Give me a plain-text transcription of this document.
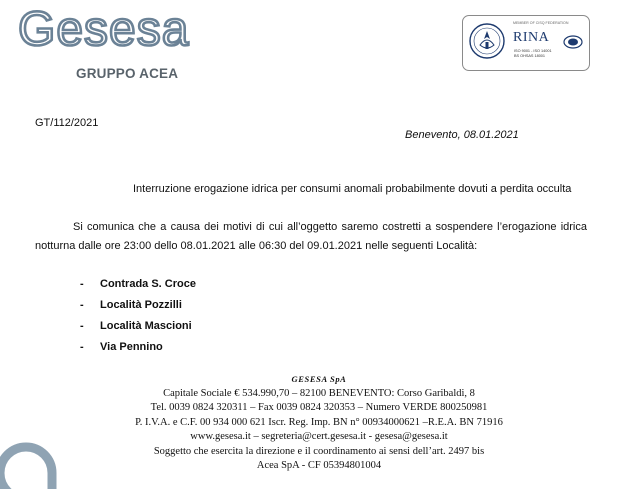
Gesesa
GRUPPO ACEA
MEMBER OF CISQ FEDERATION
RINA
ISO 9001 - ISO 14001
BS OHSAS 18001
GT/112/2021
Benevento, 08.01.2021
Interruzione erogazione idrica per consumi anomali probabilmente dovuti a perdita occulta
Si comunica che a causa dei motivi di cui all’oggetto saremo costretti a sospendere l’erogazione idrica notturna dalle ore 23:00 dello 08.01.2021 alle 06:30 del 09.01.2021 nelle seguenti Località:
- Contrada S. Croce
- Località Pozzilli
- Località Mascioni
- Via Pennino
GESESA SpA
Capitale Sociale € 534.990,70 – 82100 BENEVENTO: Corso Garibaldi, 8
Tel. 0039 0824 320311 – Fax 0039 0824 320353 – Numero VERDE 800250981
P. I.V.A. e C.F. 00 934 000 621 Iscr. Reg. Imp. BN n° 00934000621 –R.E.A. BN 71916
www.gesesa.it – segreteria@cert.gesesa.it - gesesa@gesesa.it
Soggetto che esercita la direzione e il coordinamento ai sensi dell’art. 2497 bis
Acea SpA - CF 05394801004
